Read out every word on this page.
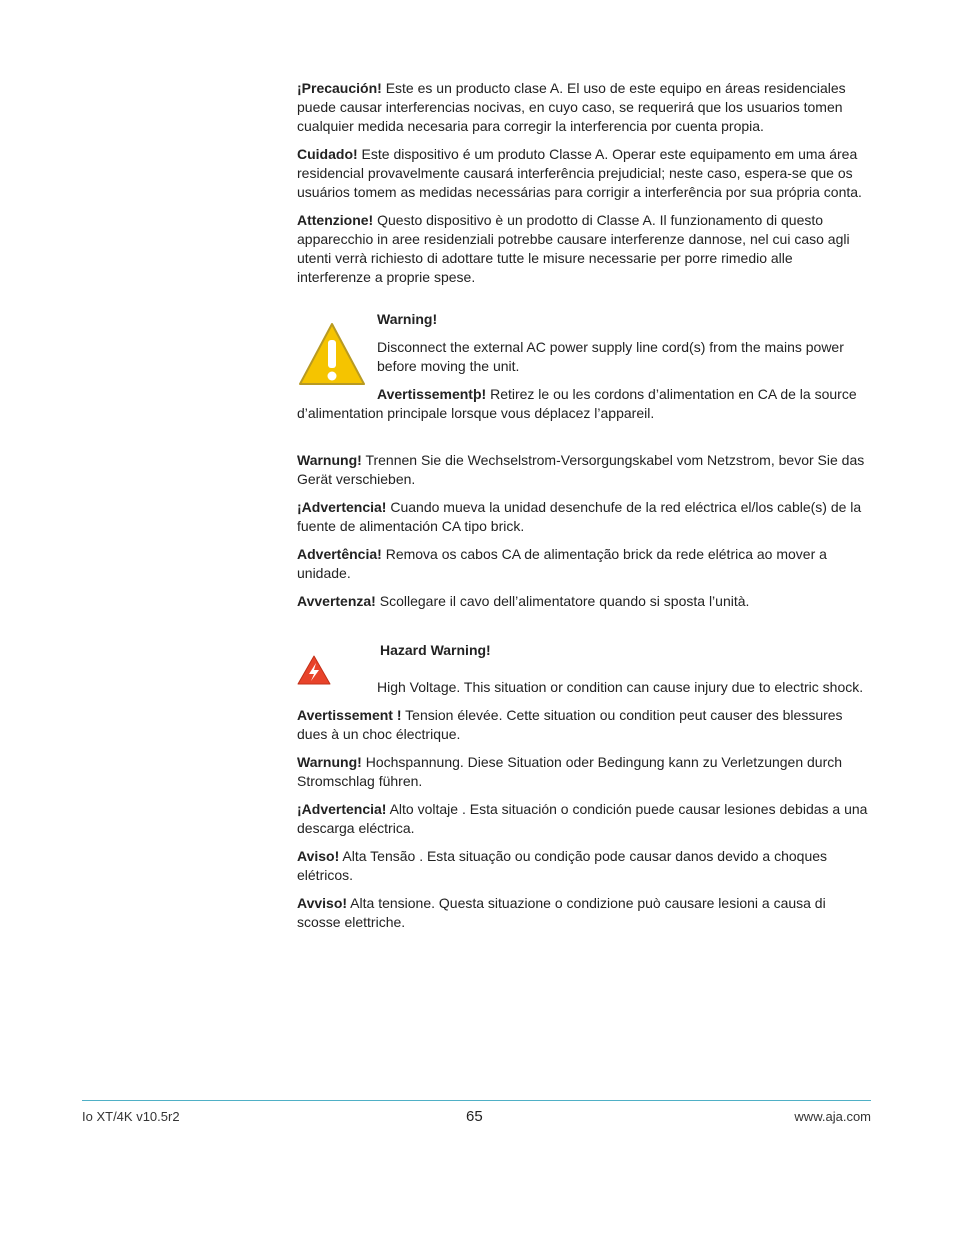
¡Precaución! Este es un producto clase A. El uso de este equipo en áreas residenciales puede causar interferencias nocivas, en cuyo caso, se requerirá que los usuarios tomen cualquier medida necesaria para corregir la interferencia por cuenta propia.

Cuidado! Este dispositivo é um produto Classe A. Operar este equipamento em uma área residencial provavelmente causará interferência prejudicial; neste caso, espera-se que os usuários tomem as medidas necessárias para corrigir a interferência por sua própria conta.

Attenzione! Questo dispositivo è un prodotto di Classe A. Il funzionamento di questo apparecchio in aree residenziali potrebbe causare interferenze dannose, nel cui caso agli utenti verrà richiesto di adottare tutte le misure necessarie per porre rimedio alle interferenze a proprie spese.

Warning!

Disconnect the external AC power supply line cord(s) from the mains power before moving the unit.

Avertissementþ! Retirez le ou les cordons d’alimentation en CA de la source d’alimentation principale lorsque vous déplacez l’appareil.

Warnung! Trennen Sie die Wechselstrom-Versorgungskabel vom Netzstrom, bevor Sie das Gerät verschieben.

¡Advertencia! Cuando mueva la unidad desenchufe de la red eléctrica el/los cable(s) de la fuente de alimentación CA tipo brick.

Advertência! Remova os cabos CA de alimentação brick da rede elétrica ao mover a unidade.

Avvertenza! Scollegare il cavo dell’alimentatore quando si sposta l’unità.

Hazard Warning!

High Voltage. This situation or condition can cause injury due to electric shock.

Avertissement ! Tension élevée. Cette situation ou condition peut causer des blessures dues à un choc électrique.

Warnung! Hochspannung. Diese Situation oder Bedingung kann zu Verletzungen durch Stromschlag führen.

¡Advertencia! Alto voltaje . Esta situación o condición puede causar lesiones debidas a una descarga eléctrica.

Aviso! Alta Tensão . Esta situação ou condição pode causar danos devido a choques elétricos.

Avviso! Alta tensione. Questa situazione o condizione può causare lesioni a causa di scosse elettriche.

Io XT/4K v10.5r2	65	www.aja.com
